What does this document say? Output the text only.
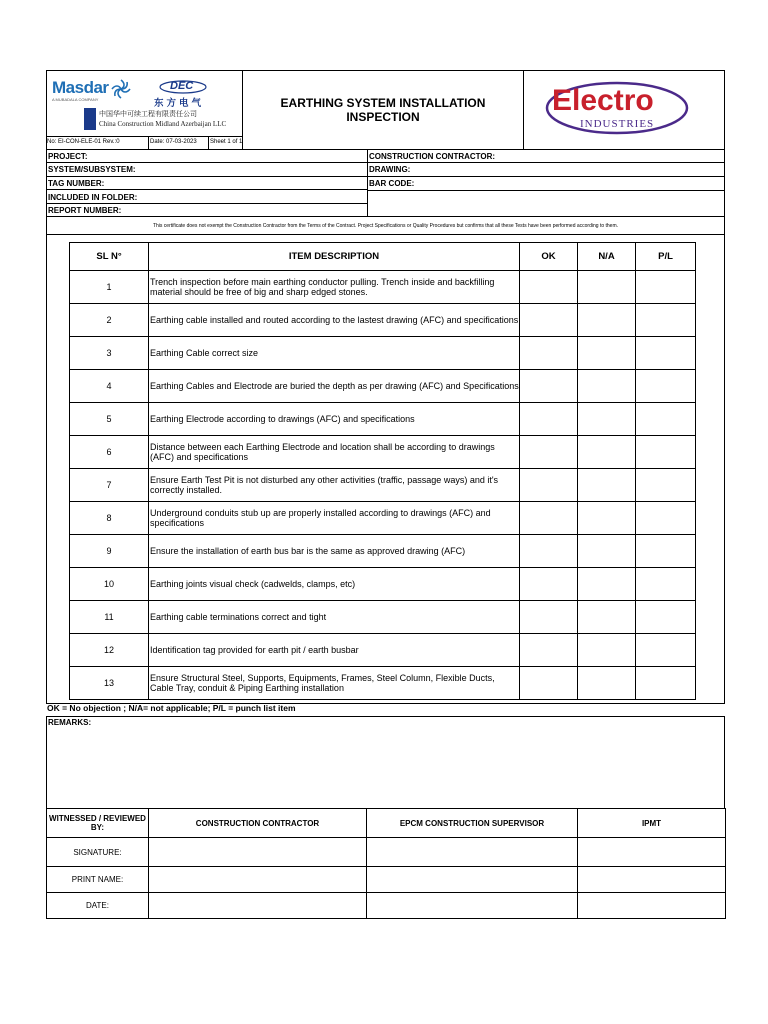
Masdar
A MUBADALA COMPANY
DEC
东方电气
中国华中可续工程有限责任公司
China Construction Midland Azerbaijan LLC
EARTHING SYSTEM INSTALLATION
INSPECTION	Electro
INDUSTRIES
No: EI-CON-ELE-01 Rev.:0	Date: 07-03-2023 Sheet 1 of 1
PROJECT:
SYSTEM/SUBSYSTEM:
TAG NUMBER:
INCLUDED IN FOLDER:
REPORT NUMBER:
CONSTRUCTION CONTRACTOR:
DRAWING:
BAR CODE:
This certificate does not exempt the Construction Contractor from the Terms of the Contract. Project Specifications or Quality Procedures but confirms that all these Tests have been performed according to them.
SL N°	ITEM DESCRIPTION	OK	N/A	P/L
1	Trench inspection before main earthing conductor pulling. Trench inside and backfilling material should be free of big and sharp edged stones.			
2	Earthing cable installed and routed according to the lastest drawing (AFC) and specifications			
3	Earthing Cable correct size			
4	Earthing Cables and Electrode are buried the depth as per drawing (AFC) and Specifications			
5	Earthing Electrode according to drawings (AFC) and specifications			
6	Distance between each Earthing Electrode and location shall be according to drawings (AFC) and specifications			
7	Ensure Earth Test Pit is not disturbed any other activities (traffic, passage ways) and it's correctly installed.			
8	Underground conduits stub up are properly installed according to drawings (AFC) and specifications			
9	Ensure the installation of earth bus bar is the same as approved drawing (AFC)			
10	Earthing joints visual check (cadwelds, clamps, etc)			
11	Earthing cable terminations correct and tight			
12	Identification tag provided for earth pit / earth busbar			
13	Ensure Structural Steel, Supports, Equipments, Frames, Steel Column, Flexible Ducts, Cable Tray, conduit & Piping Earthing installation			
OK = No objection ; N/A= not applicable; P/L = punch list item
REMARKS:
WITNESSED / REVIEWED BY:	CONSTRUCTION CONTRACTOR	EPCM CONSTRUCTION SUPERVISOR	IPMT
SIGNATURE:			
PRINT NAME:			
DATE:			
